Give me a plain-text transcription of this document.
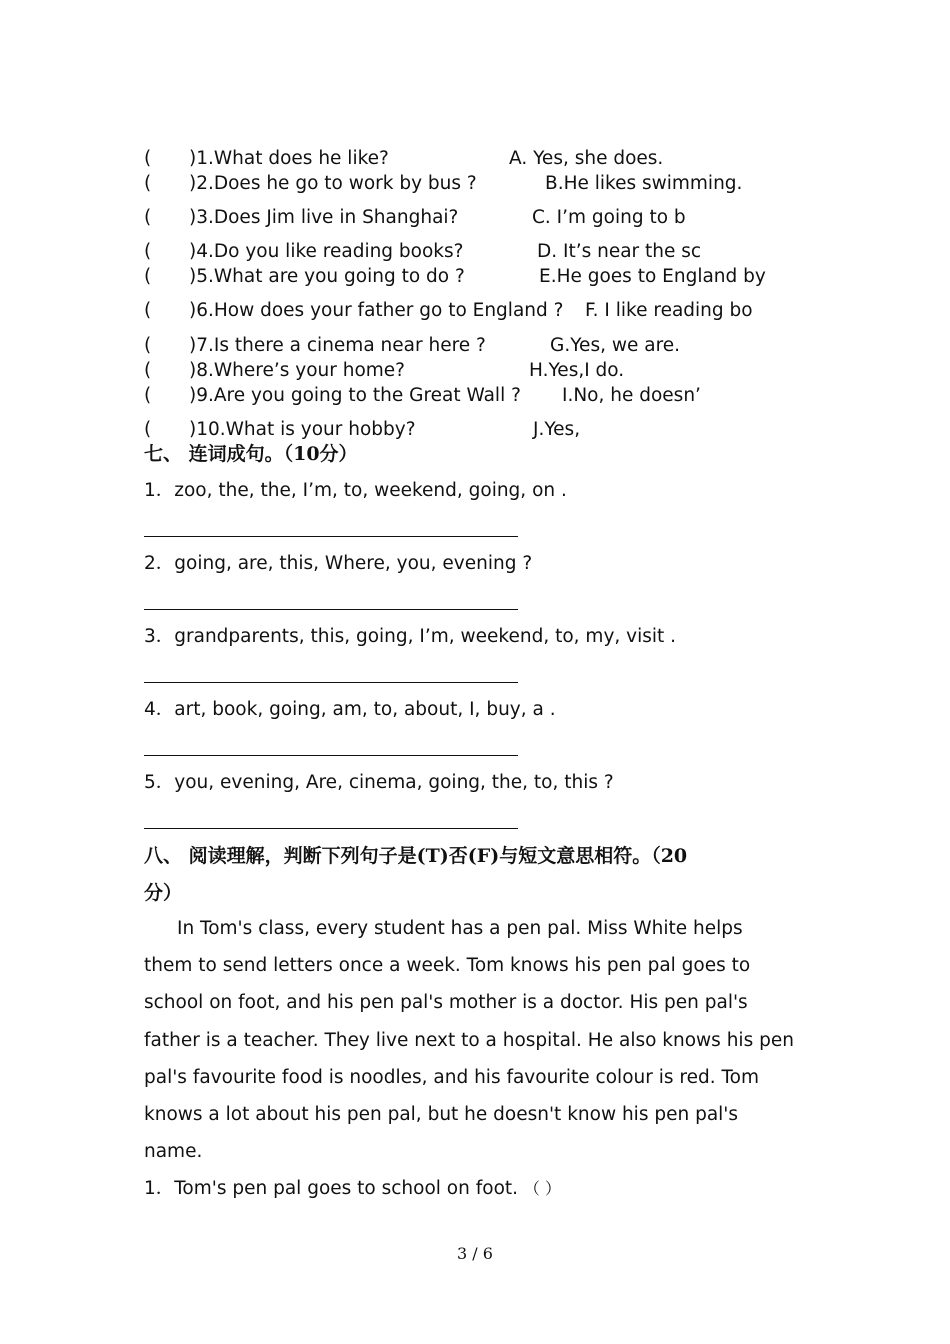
( )1.What does he like?	A. Yes, she does.
( )2.Does he go to work by bus ?	B.He likes swimming.
( )3.Does Jim live in Shanghai?	C. I’m going to b
( )4.Do you like reading books?	D. It’s near the sc
( )5.What are you going to do ?	E.He goes to England by
( )6.How does your father go to England ? F. I like reading bo
( )7.Is there a cinema near here ?	G.Yes, we are.
( )8.Where’s your home?	H.Yes,I do.
( )9.Are you going to the Great Wall ? I.No, he doesn’
( )10.What is your hobby?	J.Yes,
七、 连词成句。（10分）
1．zoo, the, the, I’m, to, weekend, going, on .
2．going, are, this, Where, you, evening ?
3．grandparents, this, going, I’m, weekend, to, my, visit .
4．art, book, going, am, to, about, I, buy, a .
5．you, evening, Are, cinema, going, the, to, this ?
八、 阅读理解，判断下列句子是(T)否(F)与短文意思相符。（20
分）
In Tom's class, every student has a pen pal. Miss White helps them to send letters once a week. Tom knows his pen pal goes to school on foot, and his pen pal's mother is a doctor. His pen pal's father is a teacher. They live next to a hospital. He also knows his pen pal's favourite food is noodles, and his favourite colour is red. Tom knows a lot about his pen pal, but he doesn't know his pen pal's name.
1．Tom's pen pal goes to school on foot. （ ）
3 / 6
